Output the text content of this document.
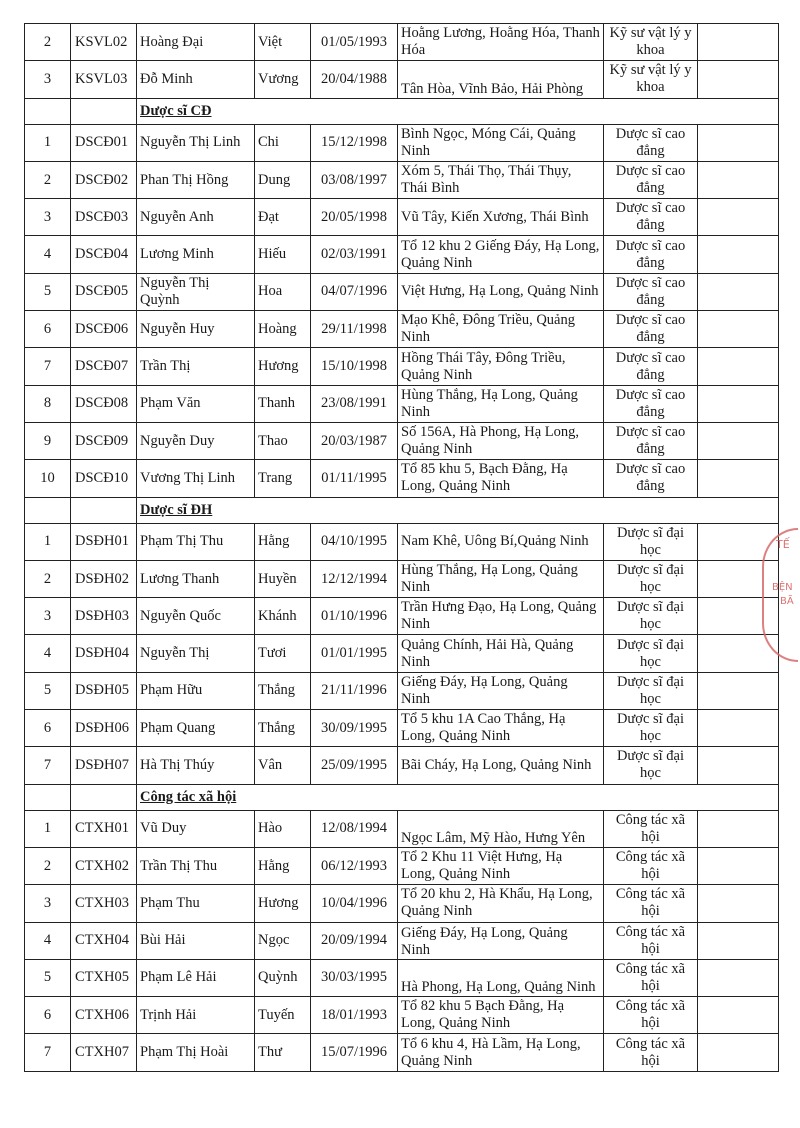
2	KSVL02	Hoàng Đại	Việt	01/05/1993	Hoằng Lương, Hoằng Hóa, Thanh Hóa	Kỹ sư vật lý y khoa	
3	KSVL03	Đỗ Minh	Vương	20/04/1988	Tân Hòa, Vĩnh Bảo, Hải Phòng	Kỹ sư vật lý y khoa	
		Dược sĩ CĐ					
1	DSCĐ01	Nguyễn Thị Linh	Chi	15/12/1998	Bình Ngọc, Móng Cái, Quảng Ninh	Dược sĩ cao đẳng	
2	DSCĐ02	Phan Thị Hồng	Dung	03/08/1997	Xóm 5, Thái Thọ, Thái Thụy, Thái Bình	Dược sĩ cao đẳng	
3	DSCĐ03	Nguyễn Anh	Đạt	20/05/1998	Vũ Tây, Kiến Xương, Thái Bình	Dược sĩ cao đẳng	
4	DSCĐ04	Lương Minh	Hiếu	02/03/1991	Tổ 12 khu 2 Giếng Đáy, Hạ Long, Quảng Ninh	Dược sĩ cao đẳng	
5	DSCĐ05	Nguyễn Thị Quỳnh	Hoa	04/07/1996	Việt Hưng, Hạ Long, Quảng Ninh	Dược sĩ cao đẳng	
6	DSCĐ06	Nguyễn Huy	Hoàng	29/11/1998	Mạo Khê, Đông Triều, Quảng Ninh	Dược sĩ cao đẳng	
7	DSCĐ07	Trần Thị	Hương	15/10/1998	Hồng Thái Tây, Đông Triều, Quảng Ninh	Dược sĩ cao đẳng	
8	DSCĐ08	Phạm Văn	Thanh	23/08/1991	Hùng Thắng, Hạ Long, Quảng Ninh	Dược sĩ cao đẳng	
9	DSCĐ09	Nguyễn Duy	Thao	20/03/1987	Số 156A, Hà Phong, Hạ Long, Quảng Ninh	Dược sĩ cao đẳng	
10	DSCĐ10	Vương Thị Linh	Trang	01/11/1995	Tổ 85 khu 5, Bạch Đằng, Hạ Long, Quảng Ninh	Dược sĩ cao đẳng	
		Dược sĩ ĐH					
1	DSĐH01	Phạm Thị Thu	Hằng	04/10/1995	Nam Khê, Uông Bí,Quảng Ninh	Dược sĩ đại học	
2	DSĐH02	Lương Thanh	Huyền	12/12/1994	Hùng Thắng, Hạ Long, Quảng Ninh	Dược sĩ đại học	
3	DSĐH03	Nguyễn Quốc	Khánh	01/10/1996	Trần Hưng Đạo, Hạ Long, Quảng Ninh	Dược sĩ đại học	
4	DSĐH04	Nguyễn Thị	Tươi	01/01/1995	Quảng Chính, Hải Hà, Quảng Ninh	Dược sĩ đại học	
5	DSĐH05	Phạm Hữu	Thắng	21/11/1996	Giếng Đáy, Hạ Long, Quảng Ninh	Dược sĩ đại học	
6	DSĐH06	Phạm Quang	Thắng	30/09/1995	Tổ 5 khu 1A Cao Thắng, Hạ Long, Quảng Ninh	Dược sĩ đại học	
7	DSĐH07	Hà Thị Thúy	Vân	25/09/1995	Bãi Cháy, Hạ Long, Quảng Ninh	Dược sĩ đại học	
		Công tác xã hội					
1	CTXH01	Vũ Duy	Hào	12/08/1994	Ngọc Lâm, Mỹ Hào, Hưng Yên	Công tác xã hội	
2	CTXH02	Trần Thị Thu	Hằng	06/12/1993	Tổ 2 Khu 11 Việt Hưng, Hạ Long, Quảng Ninh	Công tác xã hội	
3	CTXH03	Phạm Thu	Hương	10/04/1996	Tổ 20 khu 2, Hà Khẩu, Hạ Long, Quảng Ninh	Công tác xã hội	
4	CTXH04	Bùi Hải	Ngọc	20/09/1994	Giếng Đáy, Hạ Long, Quảng Ninh	Công tác xã hội	
5	CTXH05	Phạm Lê Hải	Quỳnh	30/03/1995	Hà Phong, Hạ Long, Quảng Ninh	Công tác xã hội	
6	CTXH06	Trịnh Hải	Tuyến	18/01/1993	Tổ 82 khu 5 Bạch Đằng, Hạ Long, Quảng Ninh	Công tác xã hội	
7	CTXH07	Phạm Thị Hoài	Thư	15/07/1996	Tổ 6 khu 4, Hà Lầm, Hạ Long, Quảng Ninh	Công tác xã hội	
TẾ
BỆN
BÃ
